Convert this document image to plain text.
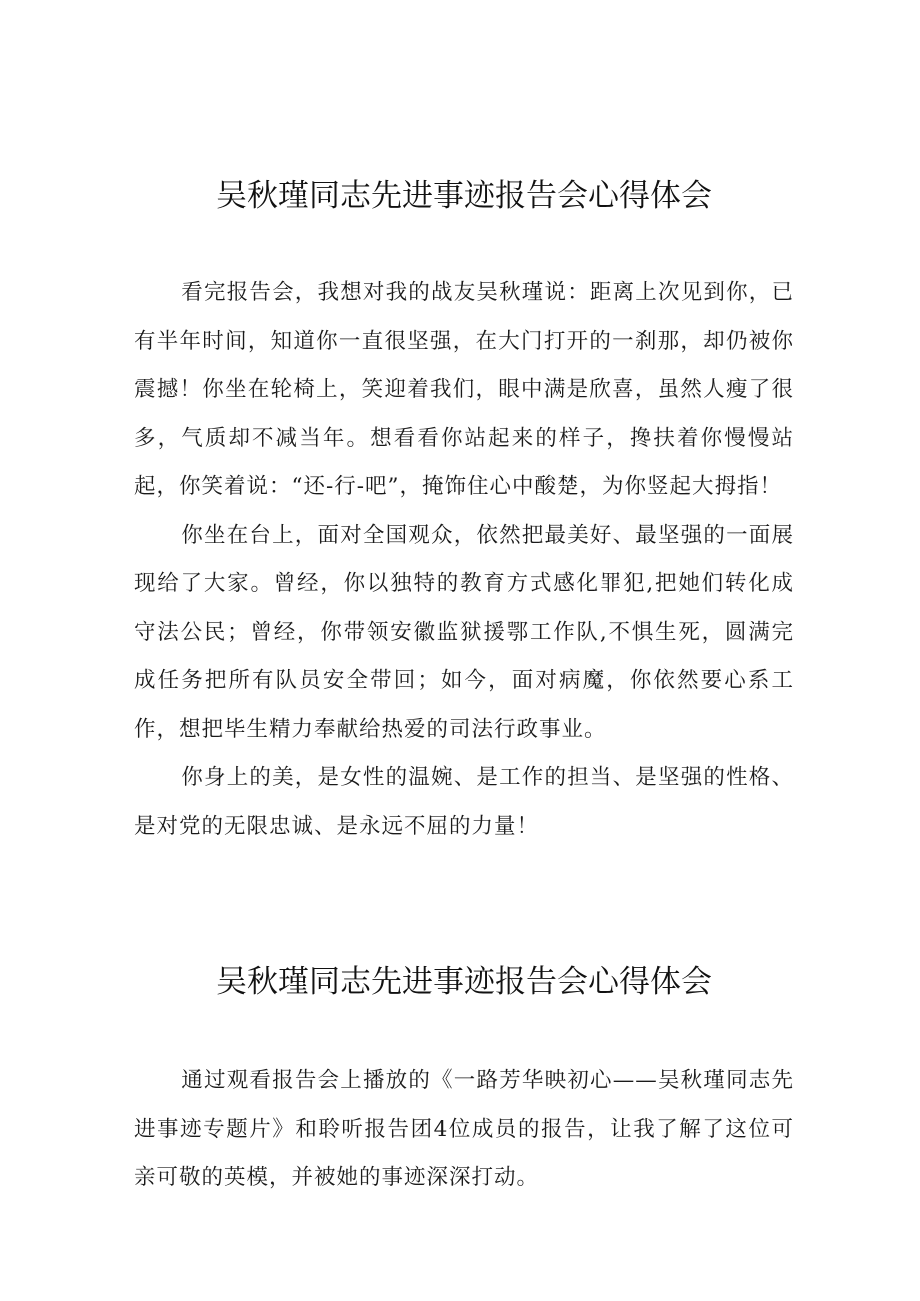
吴秋瑾同志先进事迹报告会心得体会

看完报告会，我想对我的战友吴秋瑾说：距离上次见到你，已有半年时间，知道你一直很坚强，在大门打开的一刹那，却仍被你震撼！你坐在轮椅上，笑迎着我们，眼中满是欣喜，虽然人瘦了很多，气质却不减当年。想看看你站起来的样子，搀扶着你慢慢站起，你笑着说：“还-行-吧”，掩饰住心中酸楚，为你竖起大拇指！

你坐在台上，面对全国观众，依然把最美好、最坚强的一面展现给了大家。曾经，你以独特的教育方式感化罪犯,把她们转化成守法公民；曾经，你带领安徽监狱援鄂工作队,不惧生死，圆满完成任务把所有队员安全带回；如今，面对病魔，你依然要心系工作，想把毕生精力奉献给热爱的司法行政事业。

你身上的美，是女性的温婉、是工作的担当、是坚强的性格、是对党的无限忠诚、是永远不屈的力量！

吴秋瑾同志先进事迹报告会心得体会

通过观看报告会上播放的《一路芳华映初心——吴秋瑾同志先进事迹专题片》和聆听报告团4位成员的报告，让我了解了这位可亲可敬的英模，并被她的事迹深深打动。
